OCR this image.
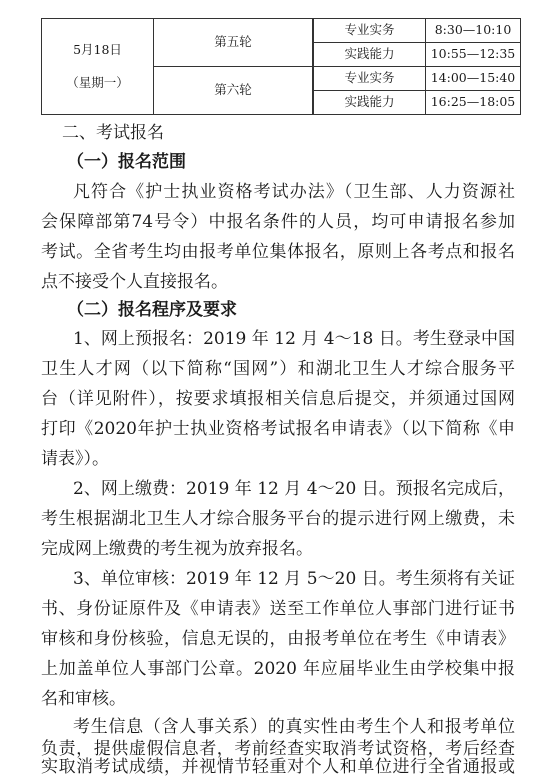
5月18日
（星期一）	第五轮	专业实务	8:30—10:10
		实践能力	10:55—12:35
	第六轮	专业实务	14:00—15:40
		实践能力	16:25—18:05
二、考试报名
（一）报名范围
凡符合《护士执业资格考试办法》（卫生部、人力资源社
会保障部第74号令）中报名条件的人员，均可申请报名参加
考试。全省考生均由报考单位集体报名，原则上各考点和报名
点不接受个人直接报名。
（二）报名程序及要求
1、网上预报名：2019 年 12 月 4～18 日。考生登录中国
卫生人才网（以下简称“国网”）和湖北卫生人才综合服务平
台（详见附件），按要求填报相关信息后提交，并须通过国网
打印《2020年护士执业资格考试报名申请表》（以下简称《申
请表》）。
2、网上缴费：2019 年 12 月 4～20 日。预报名完成后，
考生根据湖北卫生人才综合服务平台的提示进行网上缴费，未
完成网上缴费的考生视为放弃报名。
3、单位审核：2019 年 12 月 5～20 日。考生须将有关证
书、身份证原件及《申请表》送至工作单位人事部门进行证书
审核和身份核验，信息无误的，由报考单位在考生《申请表》
上加盖单位人事部门公章。2020 年应届毕业生由学校集中报
名和审核。
考生信息（含人事关系）的真实性由考生个人和报考单位
负责，提供虚假信息者，考前经查实取消考试资格，考后经查
实取消考试成绩，并视情节轻重对个人和单位进行全省通报或
